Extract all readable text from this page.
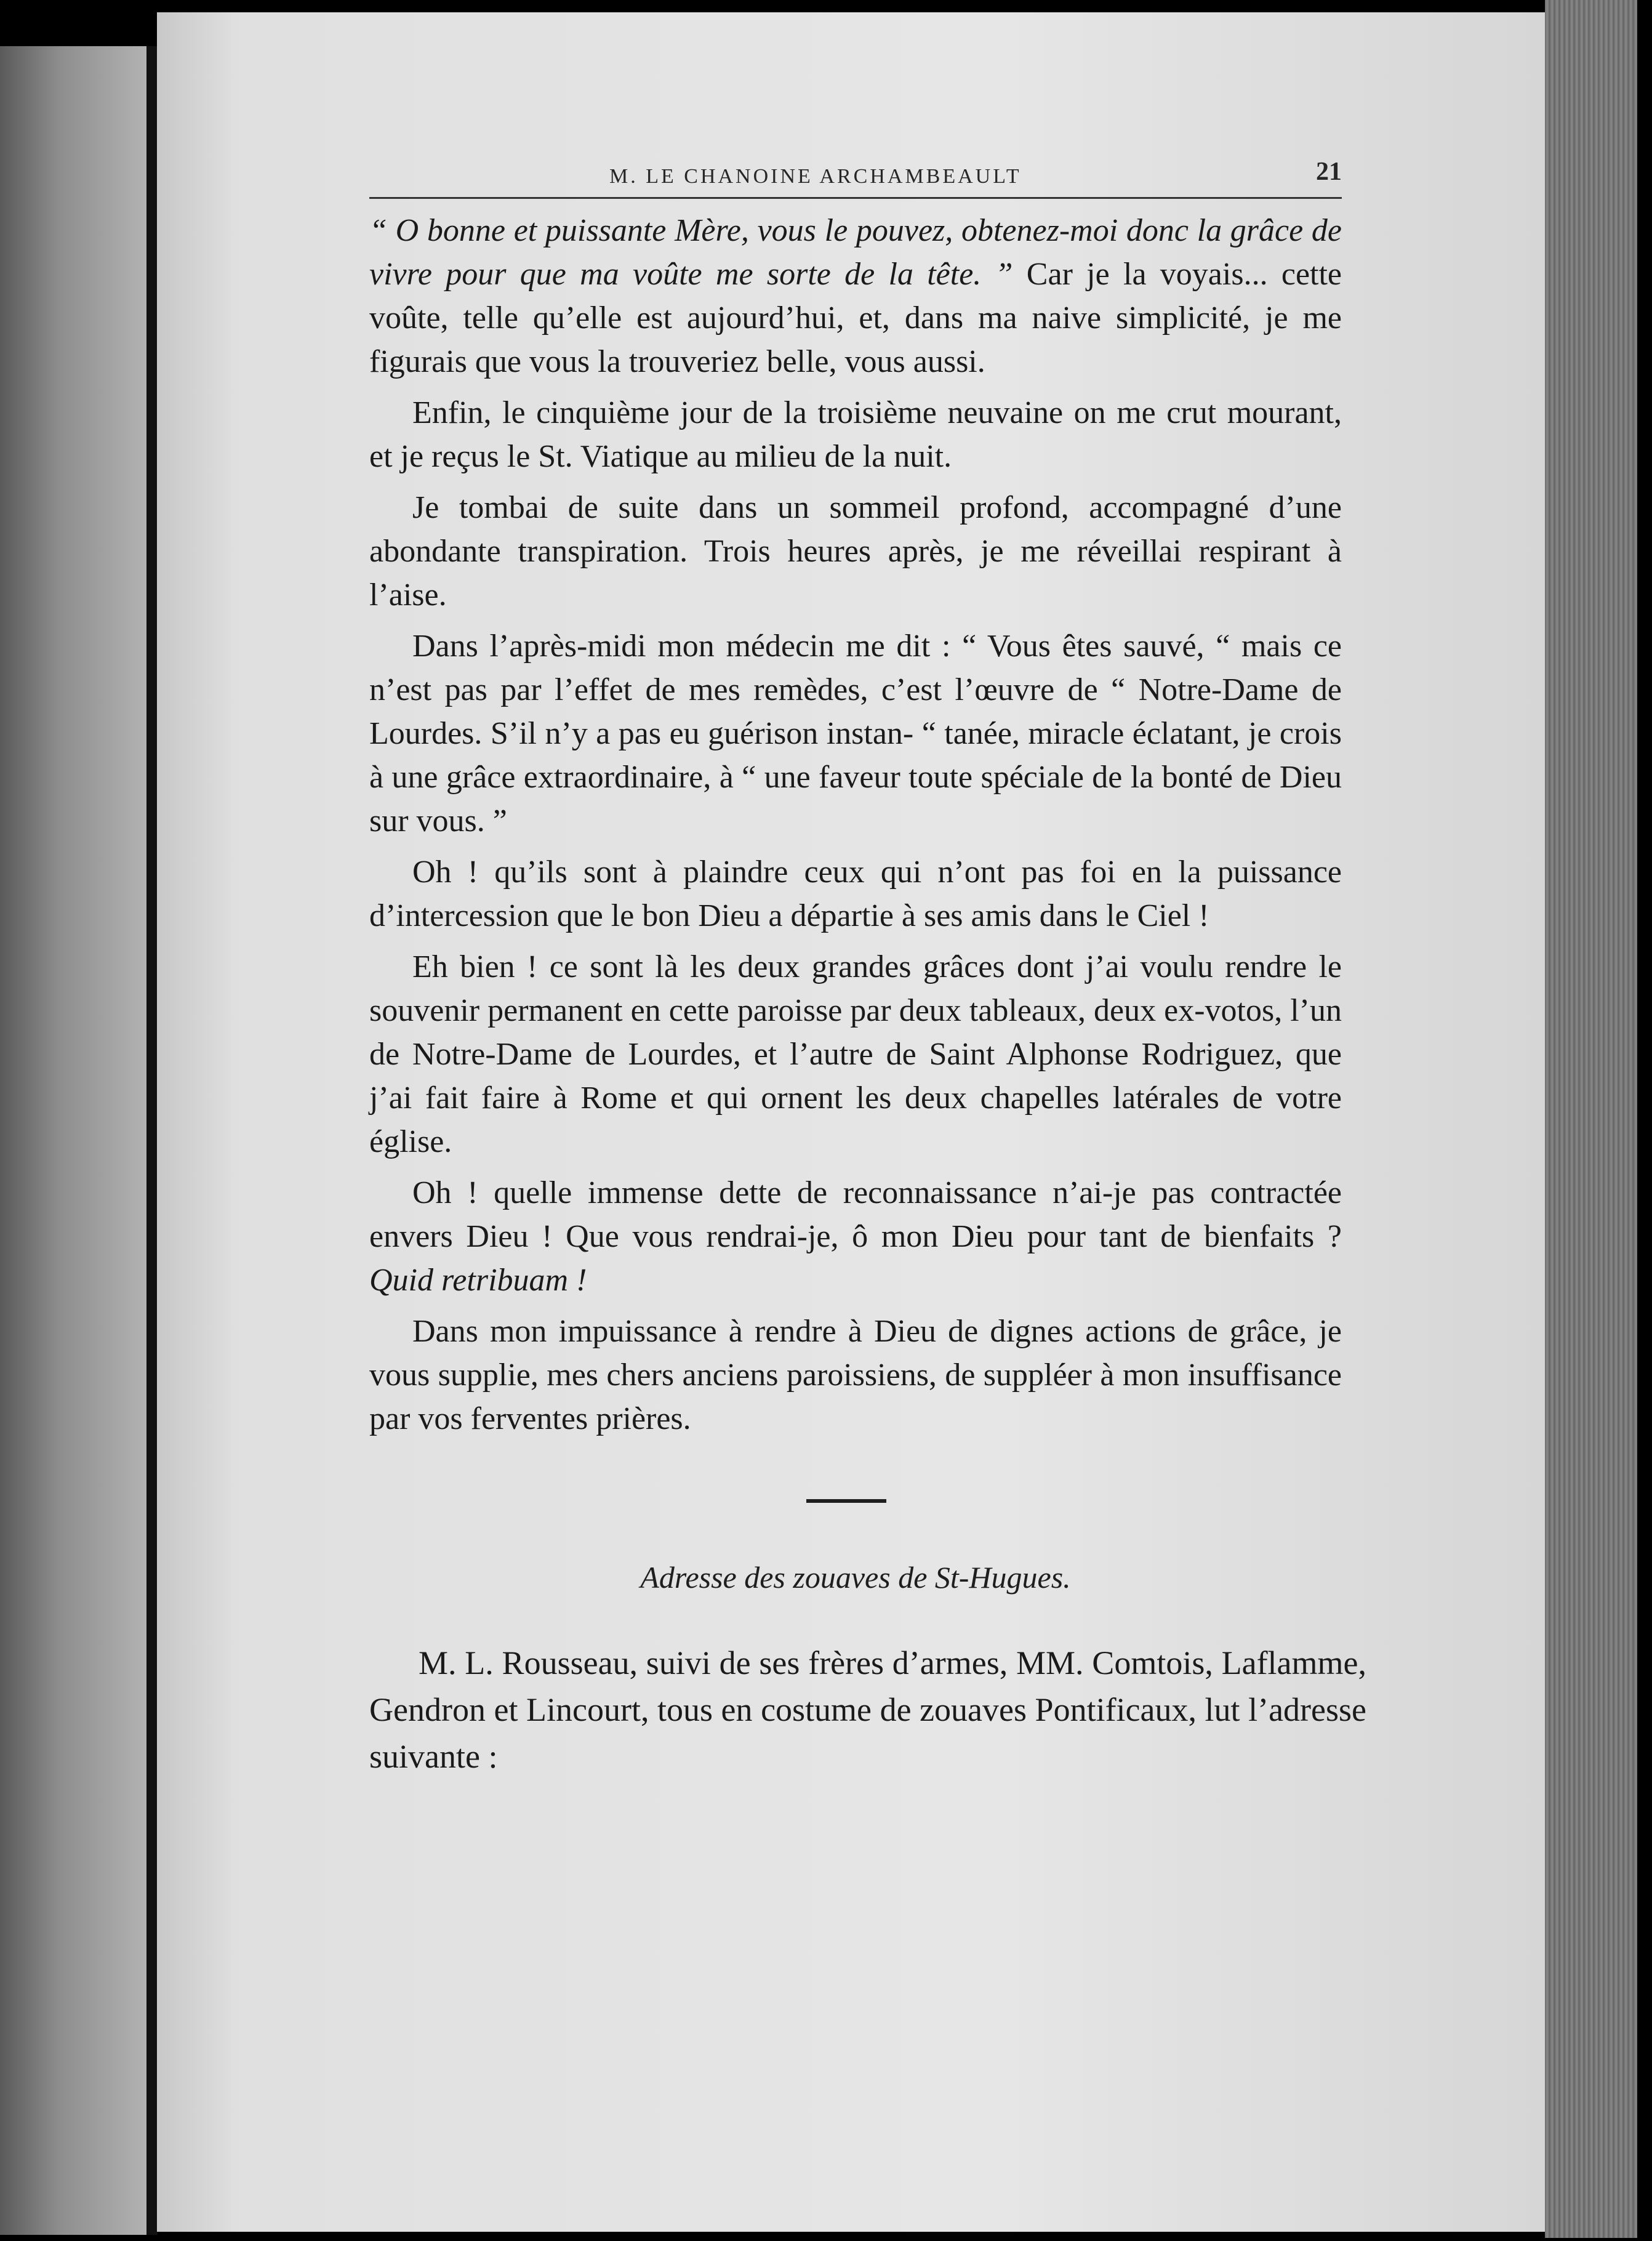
M. LE CHANOINE ARCHAMBEAULT	21

“ O bonne et puissante Mère, vous le pouvez, obtenez-moi donc la grâce de vivre pour que ma voûte me sorte de la tête. ” Car je la voyais... cette voûte, telle qu’elle est aujourd’hui, et, dans ma naive simplicité, je me figurais que vous la trouveriez belle, vous aussi.

Enfin, le cinquième jour de la troisième neuvaine on me crut mourant, et je reçus le St. Viatique au milieu de la nuit.

Je tombai de suite dans un sommeil profond, accompagné d’une abondante transpiration. Trois heures après, je me réveillai respirant à l’aise.

Dans l’après-midi mon médecin me dit : “ Vous êtes sauvé, “ mais ce n’est pas par l’effet de mes remèdes, c’est l’œuvre de “ Notre-Dame de Lourdes. S’il n’y a pas eu guérison instan- “ tanée, miracle éclatant, je crois à une grâce extraordinaire, à “ une faveur toute spéciale de la bonté de Dieu sur vous. ”

Oh ! qu’ils sont à plaindre ceux qui n’ont pas foi en la puissance d’intercession que le bon Dieu a départie à ses amis dans le Ciel !

Eh bien ! ce sont là les deux grandes grâces dont j’ai voulu rendre le souvenir permanent en cette paroisse par deux tableaux, deux ex-votos, l’un de Notre-Dame de Lourdes, et l’autre de Saint Alphonse Rodriguez, que j’ai fait faire à Rome et qui ornent les deux chapelles latérales de votre église.

Oh ! quelle immense dette de reconnaissance n’ai-je pas contractée envers Dieu ! Que vous rendrai-je, ô mon Dieu pour tant de bienfaits ? Quid retribuam !

Dans mon impuissance à rendre à Dieu de dignes actions de grâce, je vous supplie, mes chers anciens paroissiens, de suppléer à mon insuffisance par vos ferventes prières.

Adresse des zouaves de St-Hugues.

M. L. Rousseau, suivi de ses frères d’armes, MM. Comtois, Laflamme, Gendron et Lincourt, tous en costume de zouaves Pontificaux, lut l’adresse suivante :
